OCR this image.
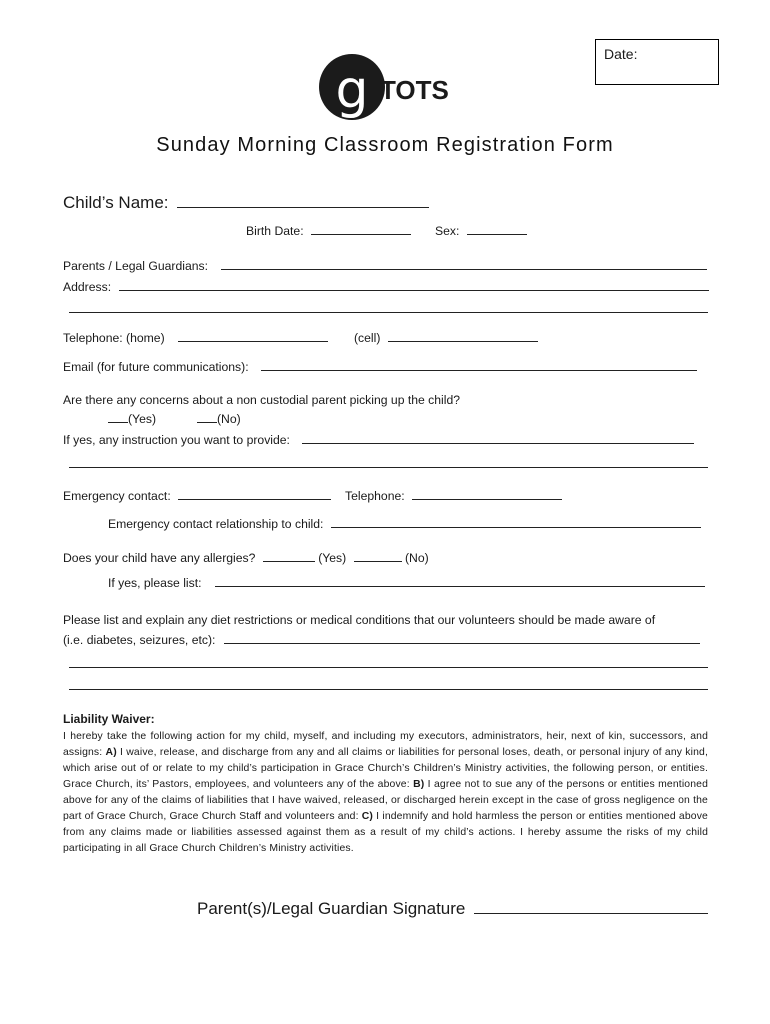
Date:
g TOTS
Sunday Morning Classroom Registration Form
Child’s Name:
Birth Date:	Sex:
Parents / Legal Guardians:
Address:
Telephone: (home)	(cell)
Email (for future communications):
Are there any concerns about a non custodial parent picking up the child?
(Yes)	(No)
If yes, any instruction you want to provide:
Emergency contact:	Telephone:
Emergency contact relationship to child:
Does your child have any allergies?	(Yes)	(No)
If yes, please list:
Please list and explain any diet restrictions or medical conditions that our volunteers should be made aware of
(i.e. diabetes, seizures, etc):
Liability Waiver:
I hereby take the following action for my child, myself, and including my executors, administrators, heir, next of kin, successors, and assigns: A) I waive, release, and discharge from any and all claims or liabilities for personal loses, death, or personal injury of any kind, which arise out of or relate to my child’s participation in Grace Church’s Children’s Ministry activities, the following person, or entities. Grace Church, its’ Pastors, employees, and volunteers any of the above: B) I agree not to sue any of the persons or entities mentioned above for any of the claims of liabilities that I have waived, released, or discharged herein except in the case of gross negligence on the part of Grace Church, Grace Church Staff and volunteers and: C) I indemnify and hold harmless the person or entities mentioned above from any claims made or liabilities assessed against them as a result of my child’s actions. I hereby assume the risks of my child participating in all Grace Church Children’s Ministry activities.
Parent(s)/Legal Guardian Signature
